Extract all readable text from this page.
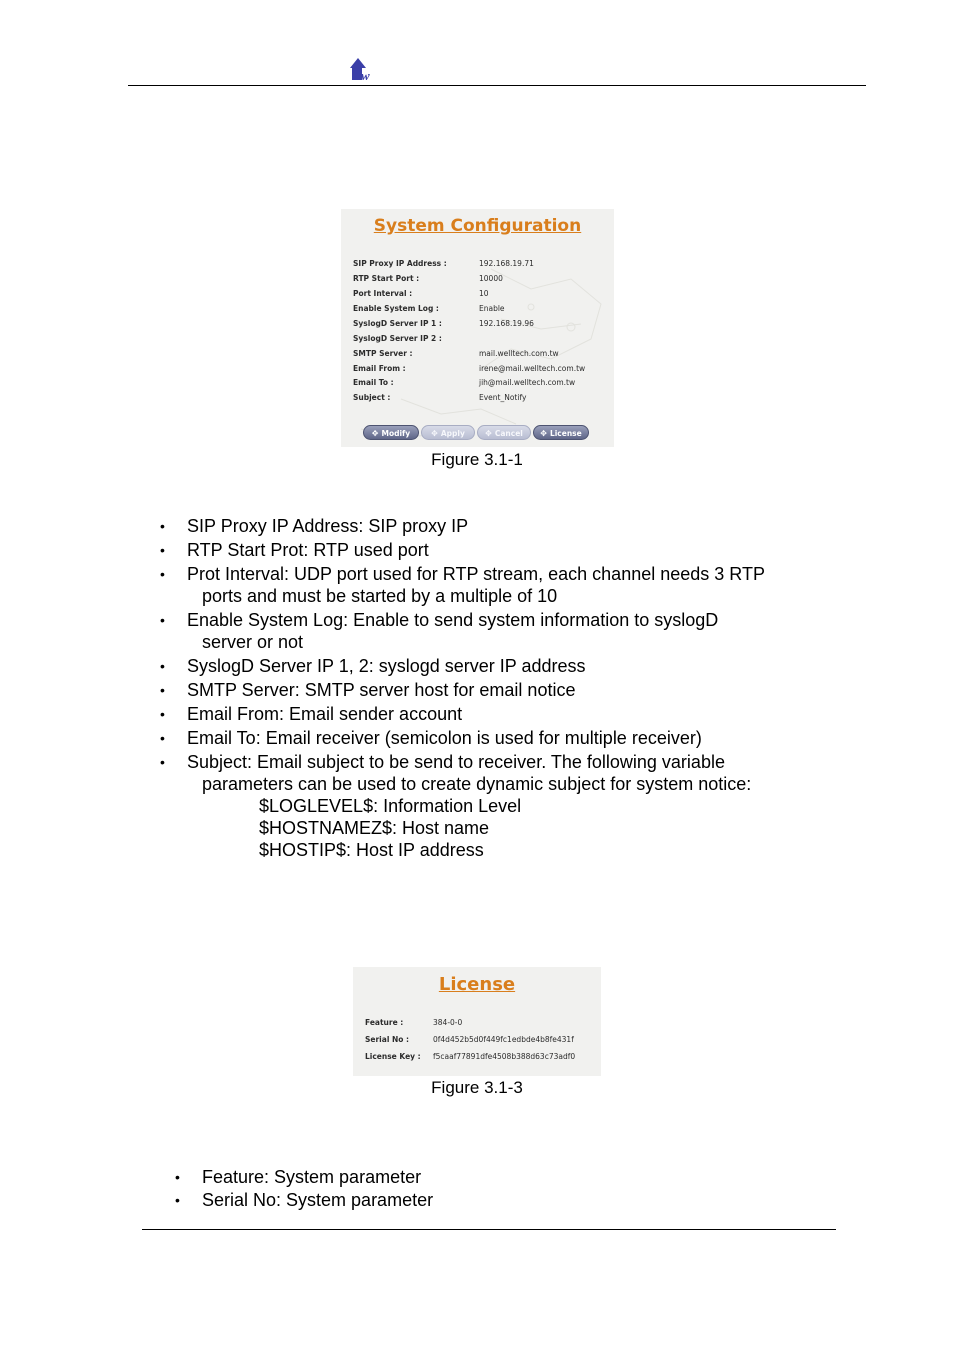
w
System Configuration
SIP Proxy IP Address :	192.168.19.71
RTP Start Port :	10000
Port Interval :	10
Enable System Log :	Enable
SyslogD Server IP 1 :	192.168.19.96
SyslogD Server IP 2 :
SMTP Server :	mail.welltech.com.tw
Email From :	irene@mail.welltech.com.tw
Email To :	jih@mail.welltech.com.tw
Subject :	Event_Notify
✥ Modify	✥ Apply	✥ Cancel	✥ License
Figure 3.1-1
• SIP Proxy IP Address: SIP proxy IP
• RTP Start Prot: RTP used port
• Prot Interval: UDP port used for RTP stream, each channel needs 3 RTP
ports and must be started by a multiple of 10
• Enable System Log: Enable to send system information to syslogD
server or not
• SyslogD Server IP 1, 2: syslogd server IP address
• SMTP Server: SMTP server host for email notice
• Email From: Email sender account
• Email To: Email receiver (semicolon is used for multiple receiver)
• Subject: Email subject to be send to receiver. The following variable
parameters can be used to create dynamic subject for system notice:
$LOGLEVEL$: Information Level
$HOSTNAMEZ$: Host name
$HOSTIP$: Host IP address
License
Feature :	384-0-0
Serial No :	0f4d452b5d0f449fc1edbde4b8fe431f
License Key : f5caaf77891dfe4508b388d63c73adf0
Figure 3.1-3
• Feature: System parameter
• Serial No: System parameter
